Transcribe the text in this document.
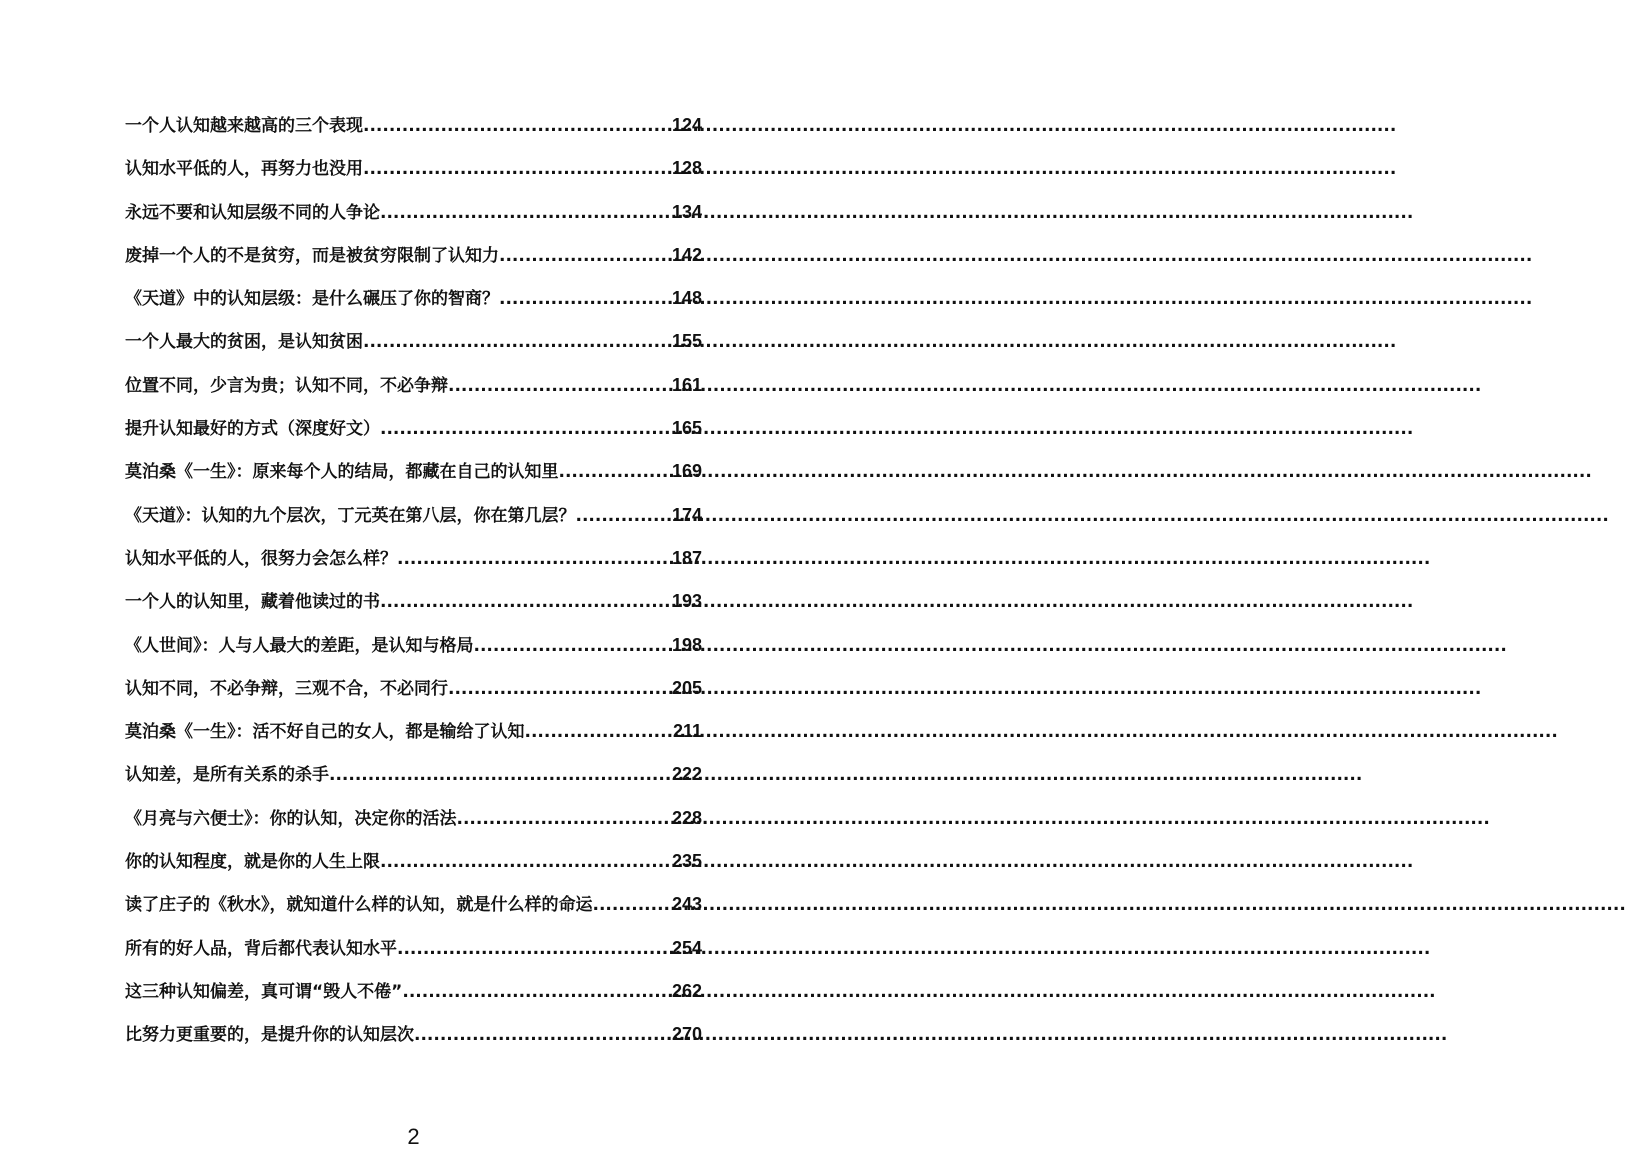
一个人认知越来越高的三个表现 .....	124
认知水平低的人，再努力也没用 .....	128
永远不要和认知层级不同的人争论 .....	134
废掉一个人的不是贫穷，而是被贫穷限制了认知力 .....	142
《天道》中的认知层级：是什么碾压了你的智商？ .....	148
一个人最大的贫困，是认知贫困 .....	155
位置不同，少言为贵；认知不同，不必争辩 .....	161
提升认知最好的方式（深度好文） .....	165
莫泊桑《一生》：原来每个人的结局，都藏在自己的认知里 .....	169
《天道》：认知的九个层次，丁元英在第八层，你在第几层？ .....	174
认知水平低的人，很努力会怎么样？ .....	187
一个人的认知里，藏着他读过的书 .....	193
《人世间》：人与人最大的差距，是认知与格局 .....	198
认知不同，不必争辩，三观不合，不必同行 .....	205
莫泊桑《一生》：活不好自己的女人，都是输给了认知 .....	211
认知差，是所有关系的杀手 .....	222
《月亮与六便士》：你的认知，决定你的活法 .....	228
你的认知程度，就是你的人生上限 .....	235
读了庄子的《秋水》，就知道什么样的认知，就是什么样的命运 .....	243
所有的好人品，背后都代表认知水平 .....	254
这三种认知偏差，真可谓“毁人不倦” .....	262
比努力更重要的，是提升你的认知层次 .....	270
2
